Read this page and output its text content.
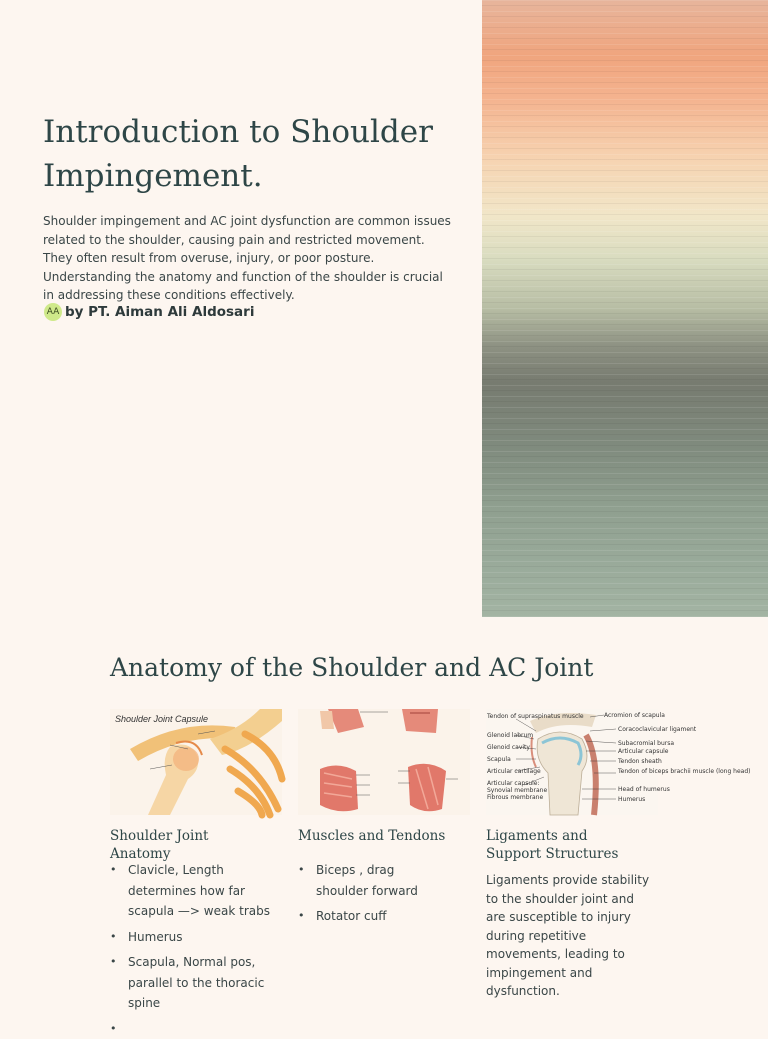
Introduction to Shoulder Impingement.

Shoulder impingement and AC joint dysfunction are common issues related to the shoulder, causing pain and restricted movement. They often result from overuse, injury, or poor posture. Understanding the anatomy and function of the shoulder is crucial in addressing these conditions effectively.

AA by PT. Aiman Ali Aldosari
Anatomy of the Shoulder and AC Joint
Shoulder Joint Capsule	Acromion of scapula
Tendon of supraspinatus muscle
Coracoclavicular ligament
Glenoid labrum
Subacromial bursa
Glenoid cavity
Articular capsule
Scapula	Tendon sheath
Articular cartilage	Tendon of biceps brachii muscle (long head)
Articular capsule:
Synovial membrane
Fibrous membrane
Head of humerus
Humerus
Shoulder Joint Anatomy
• Clavicle, Length determines how far scapula —> weak trabs
• Humerus
• Scapula, Normal pos, parallel to the thoracic spine
Muscles and Tendons
• Biceps , drag shoulder forward
• Rotator cuff
Ligaments and Support Structures

Ligaments provide stability to the shoulder joint and are susceptible to injury during repetitive movements, leading to impingement and dysfunction.
